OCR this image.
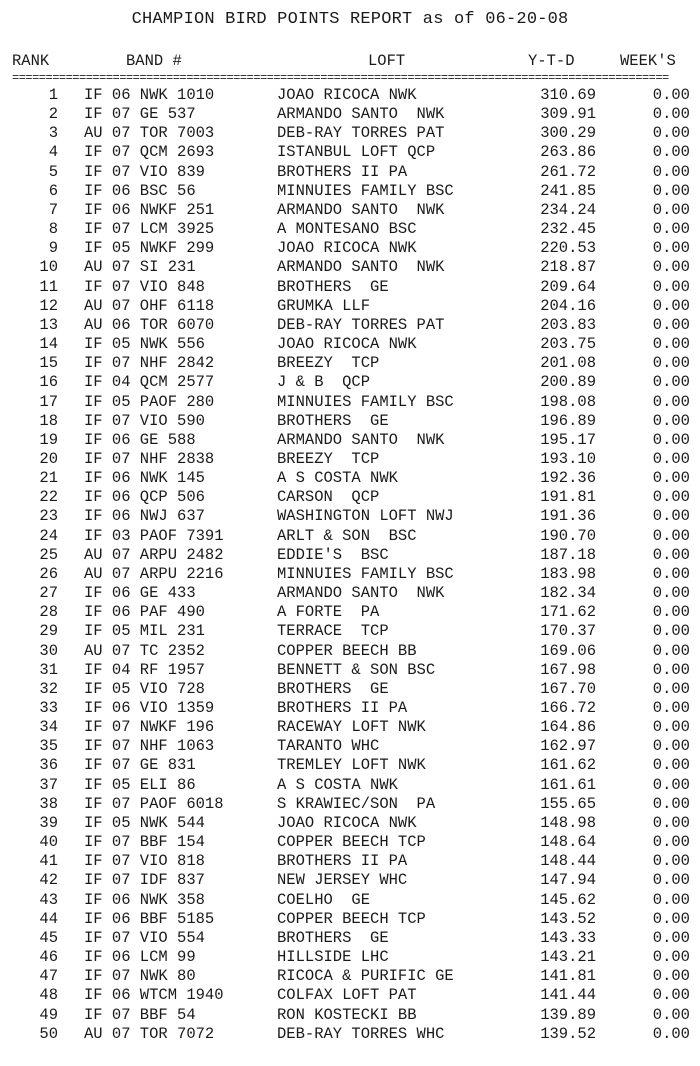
CHAMPION BIRD POINTS REPORT as of 06-20-08
RANK	BAND #	LOFT	Y-T-D	WEEK'S
==================================================================================================
1 IF 06 NWK 1010	JOAO RICOCA NWK	310.69	0.00
2 IF 07 GE 537	ARMANDO SANTO  NWK	309.91	0.00
3 AU 07 TOR 7003	DEB-RAY TORRES PAT	300.29	0.00
4 IF 07 QCM 2693	ISTANBUL LOFT QCP	263.86	0.00
5 IF 07 VIO 839	BROTHERS II PA	261.72	0.00
6 IF 06 BSC 56	MINNUIES FAMILY BSC	241.85	0.00
7 IF 06 NWKF 251	ARMANDO SANTO  NWK	234.24	0.00
8 IF 07 LCM 3925	A MONTESANO BSC	232.45	0.00
9 IF 05 NWKF 299	JOAO RICOCA NWK	220.53	0.00
10 AU 07 SI 231	ARMANDO SANTO  NWK	218.87	0.00
11 IF 07 VIO 848	BROTHERS  GE	209.64	0.00
12 AU 07 OHF 6118	GRUMKA LLF	204.16	0.00
13 AU 06 TOR 6070	DEB-RAY TORRES PAT	203.83	0.00
14 IF 05 NWK 556	JOAO RICOCA NWK	203.75	0.00
15 IF 07 NHF 2842	BREEZY  TCP	201.08	0.00
16 IF 04 QCM 2577	J & B  QCP	200.89	0.00
17 IF 05 PAOF 280	MINNUIES FAMILY BSC	198.08	0.00
18 IF 07 VIO 590	BROTHERS  GE	196.89	0.00
19 IF 06 GE 588	ARMANDO SANTO  NWK	195.17	0.00
20 IF 07 NHF 2838	BREEZY  TCP	193.10	0.00
21 IF 06 NWK 145	A S COSTA NWK	192.36	0.00
22 IF 06 QCP 506	CARSON  QCP	191.81	0.00
23 IF 06 NWJ 637	WASHINGTON LOFT NWJ	191.36	0.00
24 IF 03 PAOF 7391	ARLT & SON  BSC	190.70	0.00
25 AU 07 ARPU 2482	EDDIE'S  BSC	187.18	0.00
26 AU 07 ARPU 2216	MINNUIES FAMILY BSC	183.98	0.00
27 IF 06 GE 433	ARMANDO SANTO  NWK	182.34	0.00
28 IF 06 PAF 490	A FORTE  PA	171.62	0.00
29 IF 05 MIL 231	TERRACE  TCP	170.37	0.00
30 AU 07 TC 2352	COPPER BEECH BB	169.06	0.00
31 IF 04 RF 1957	BENNETT & SON BSC	167.98	0.00
32 IF 05 VIO 728	BROTHERS  GE	167.70	0.00
33 IF 06 VIO 1359	BROTHERS II PA	166.72	0.00
34 IF 07 NWKF 196	RACEWAY LOFT NWK	164.86	0.00
35 IF 07 NHF 1063	TARANTO WHC	162.97	0.00
36 IF 07 GE 831	TREMLEY LOFT NWK	161.62	0.00
37 IF 05 ELI 86	A S COSTA NWK	161.61	0.00
38 IF 07 PAOF 6018	S KRAWIEC/SON  PA	155.65	0.00
39 IF 05 NWK 544	JOAO RICOCA NWK	148.98	0.00
40 IF 07 BBF 154	COPPER BEECH TCP	148.64	0.00
41 IF 07 VIO 818	BROTHERS II PA	148.44	0.00
42 IF 07 IDF 837	NEW JERSEY WHC	147.94	0.00
43 IF 06 NWK 358	COELHO  GE	145.62	0.00
44 IF 06 BBF 5185	COPPER BEECH TCP	143.52	0.00
45 IF 07 VIO 554	BROTHERS  GE	143.33	0.00
46 IF 06 LCM 99	HILLSIDE LHC	143.21	0.00
47 IF 07 NWK 80	RICOCA & PURIFIC GE	141.81	0.00
48 IF 06 WTCM 1940	COLFAX LOFT PAT	141.44	0.00
49 IF 07 BBF 54	RON KOSTECKI BB	139.89	0.00
50 AU 07 TOR 7072	DEB-RAY TORRES WHC	139.52	0.00
